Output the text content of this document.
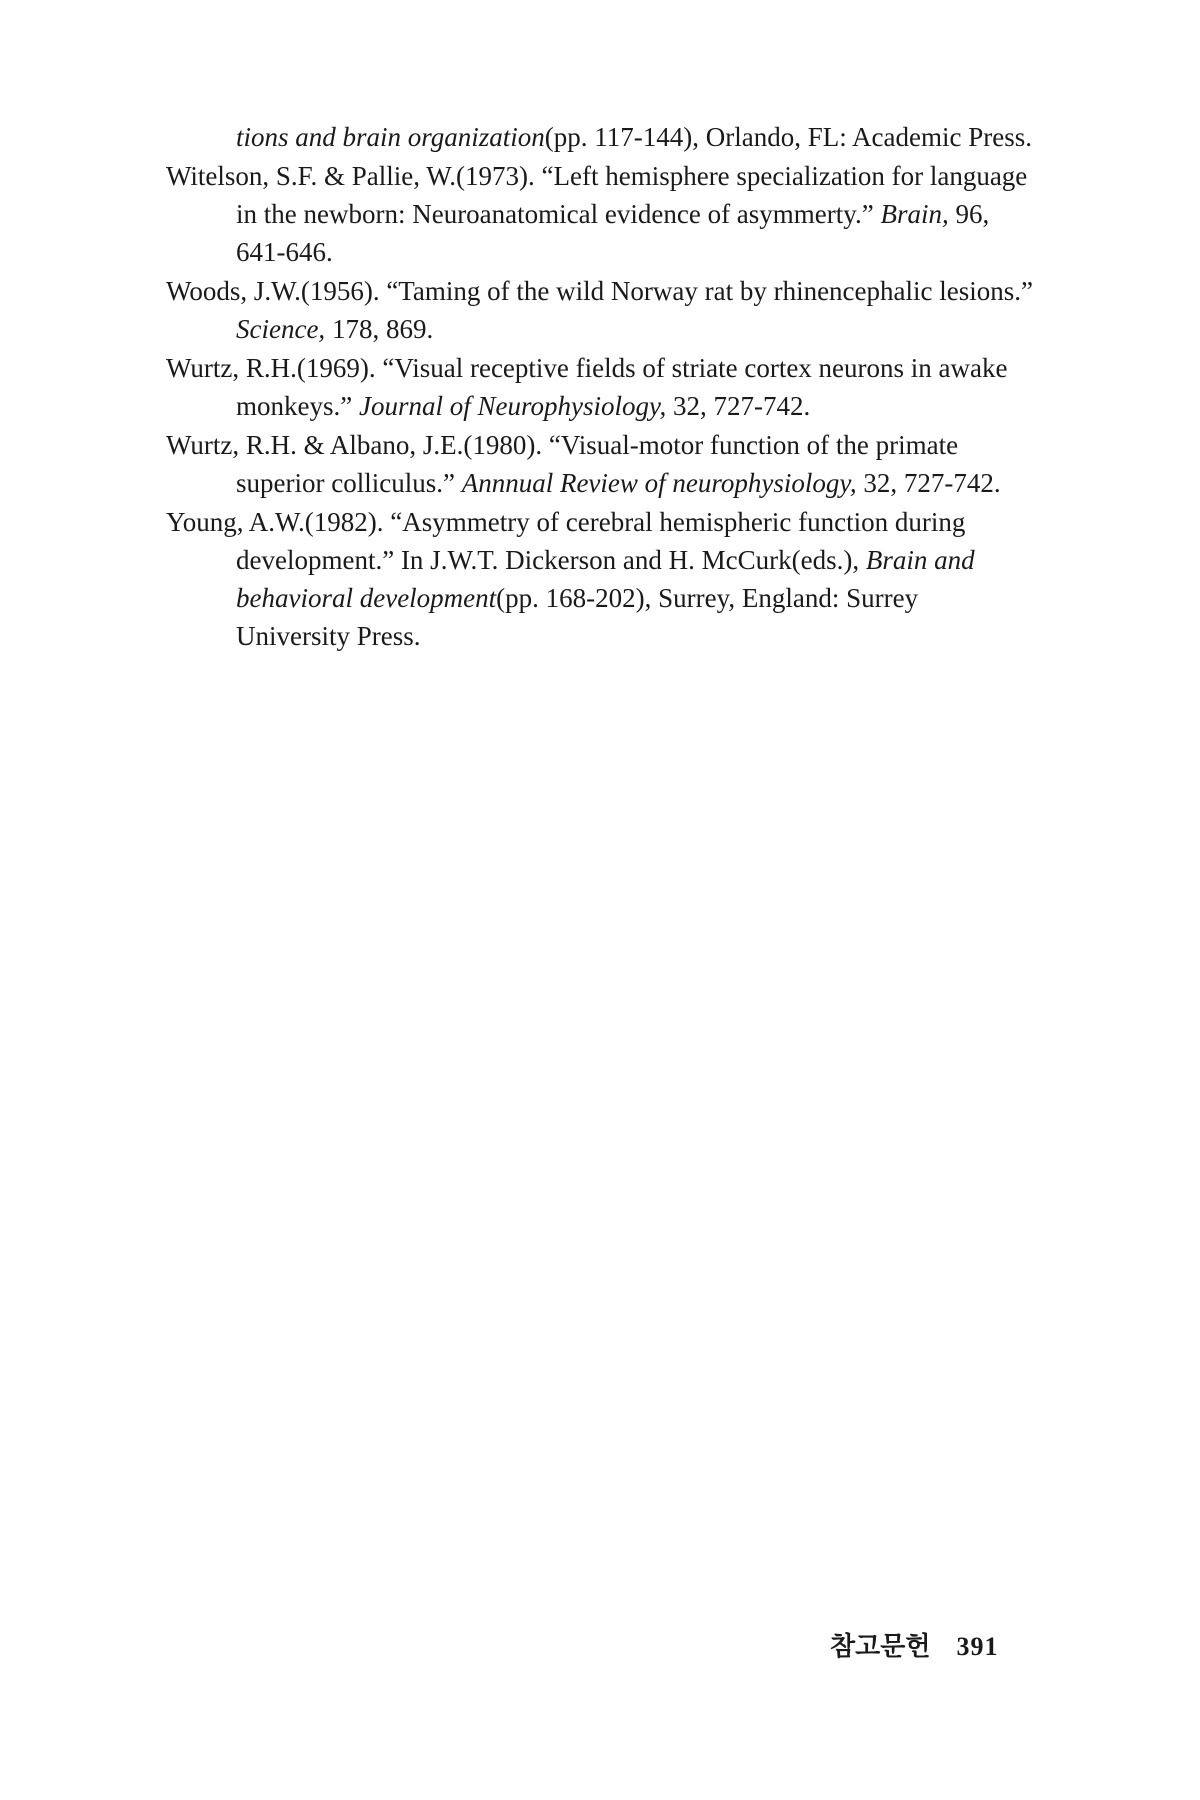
tions and brain organization(pp. 117-144), Orlando, FL: Academic Press.
Witelson, S.F. & Pallie, W.(1973). “Left hemisphere specialization for language in the newborn: Neuroanatomical evidence of asymmerty.” Brain, 96, 641-646.
Woods, J.W.(1956). “Taming of the wild Norway rat by rhinencephalic lesions.” Science, 178, 869.
Wurtz, R.H.(1969). “Visual receptive fields of striate cortex neurons in awake monkeys.” Journal of Neurophysiology, 32, 727-742.
Wurtz, R.H. & Albano, J.E.(1980). “Visual-motor function of the primate superior colliculus.” Annnual Review of neurophysiology, 32, 727-742.
Young, A.W.(1982). “Asymmetry of cerebral hemispheric function during development.” In J.W.T. Dickerson and H. McCurk(eds.), Brain and behavioral development(pp. 168-202), Surrey, England: Surrey University Press.
참고문헌 391
